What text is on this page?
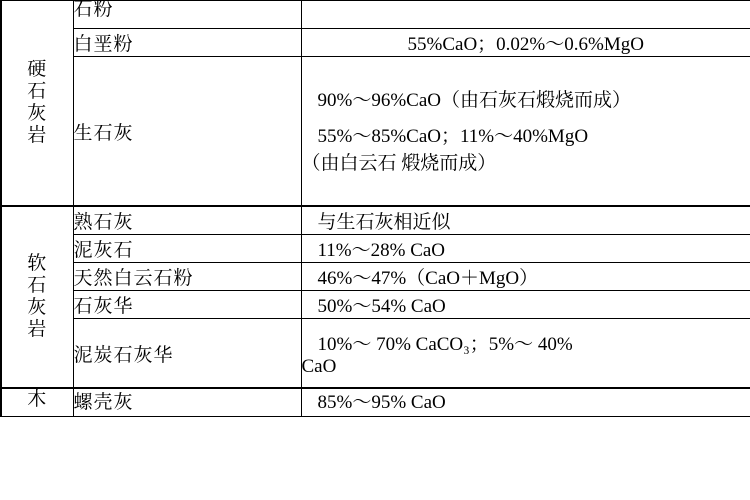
硬石灰岩	石粉	

	白垩粉	55%CaO；0.02%～0.6%MgO

	生石灰	90%～96%CaO（由石灰石煅烧而成）
55%～85%CaO；11%～40%MgO
（由白云石 煅烧而成）

软石灰岩	熟石灰	与生石灰相近似

	泥灰石	11%～28% CaO

	天然白云石粉	46%～47%（CaO＋MgO）

	石灰华	50%～54% CaO

	泥炭石灰华	10%～ 70% CaCO₃；5%～ 40%
CaO

木	螺壳灰	85%～95% CaO
